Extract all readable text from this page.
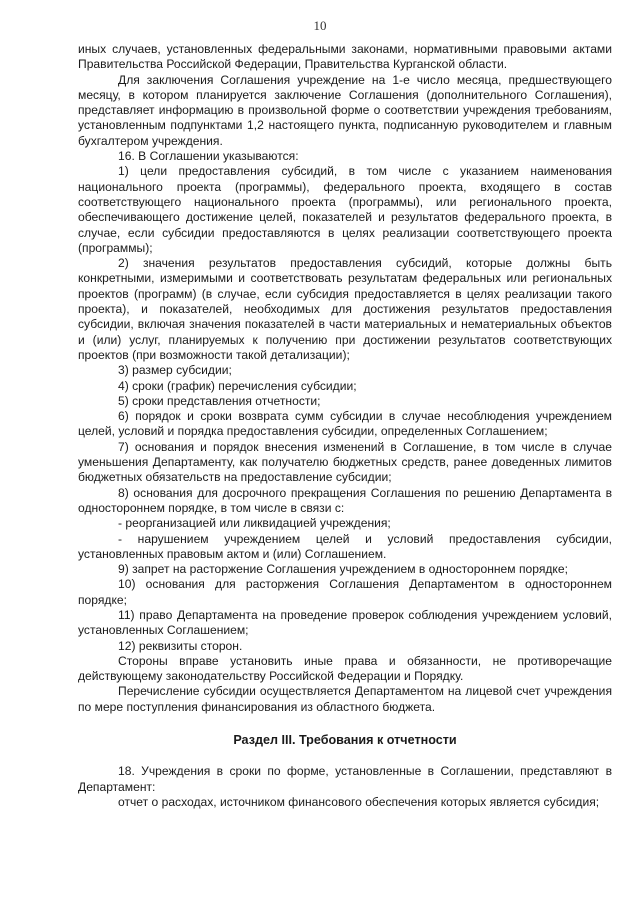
10

иных случаев, установленных федеральными законами, нормативными правовыми актами Правительства Российской Федерации, Правительства Курганской области.

Для заключения Соглашения учреждение на 1-е число месяца, предшествующего месяцу, в котором планируется заключение Соглашения (дополнительного Соглашения), представляет информацию в произвольной форме о соответствии учреждения требованиям, установленным подпунктами 1,2 настоящего пункта, подписанную руководителем и главным бухгалтером учреждения.

16. В Соглашении указываются:

1) цели предоставления субсидий, в том числе с указанием наименования национального проекта (программы), федерального проекта, входящего в состав соответствующего национального проекта (программы), или регионального проекта, обеспечивающего достижение целей, показателей и результатов федерального проекта, в случае, если субсидии предоставляются в целях реализации соответствующего проекта (программы);

2) значения результатов предоставления субсидий, которые должны быть конкретными, измеримыми и соответствовать результатам федеральных или региональных проектов (программ) (в случае, если субсидия предоставляется в целях реализации такого проекта), и показателей, необходимых для достижения результатов предоставления субсидии, включая значения показателей в части материальных и нематериальных объектов и (или) услуг, планируемых к получению при достижении результатов соответствующих проектов (при возможности такой детализации);

3) размер субсидии;

4) сроки (график) перечисления субсидии;

5) сроки представления отчетности;

6) порядок и сроки возврата сумм субсидии в случае несоблюдения учреждением целей, условий и порядка предоставления субсидии, определенных Соглашением;

7) основания и порядок внесения изменений в Соглашение, в том числе в случае уменьшения Департаменту, как получателю бюджетных средств, ранее доведенных лимитов бюджетных обязательств на предоставление субсидии;

8) основания для досрочного прекращения Соглашения по решению Департамента в одностороннем порядке, в том числе в связи с:

- реорганизацией или ликвидацией учреждения;

- нарушением учреждением целей и условий предоставления субсидии, установленных правовым актом и (или) Соглашением.

9) запрет на расторжение Соглашения учреждением в одностороннем порядке;

10) основания для расторжения Соглашения Департаментом в одностороннем порядке;

11) право Департамента на проведение проверок соблюдения учреждением условий, установленных Соглашением;

12) реквизиты сторон.

Стороны вправе установить иные права и обязанности, не противоречащие действующему законодательству Российской Федерации и Порядку.

Перечисление субсидии осуществляется Департаментом на лицевой счет учреждения по мере поступления финансирования из областного бюджета.

Раздел III. Требования к отчетности

18. Учреждения в сроки по форме, установленные в Соглашении, представляют в Департамент:

отчет о расходах, источником финансового обеспечения которых является субсидия;
